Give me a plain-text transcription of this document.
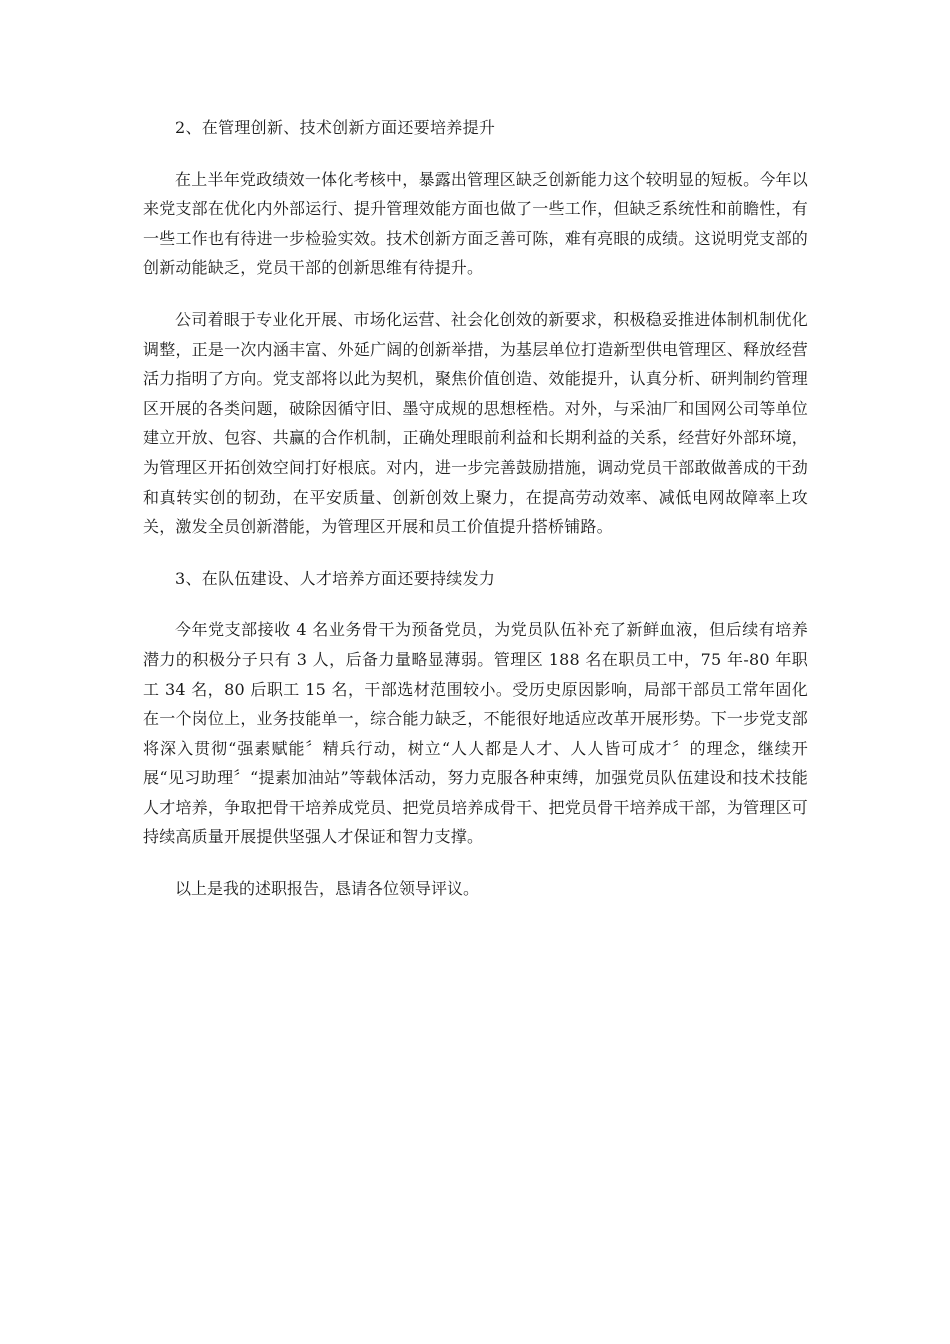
2、在管理创新、技术创新方面还要培养提升

在上半年党政绩效一体化考核中，暴露出管理区缺乏创新能力这个较明显的短板。今年以来党支部在优化内外部运行、提升管理效能方面也做了一些工作，但缺乏系统性和前瞻性，有一些工作也有待进一步检验实效。技术创新方面乏善可陈，难有亮眼的成绩。这说明党支部的创新动能缺乏，党员干部的创新思维有待提升。

公司着眼于专业化开展、市场化运营、社会化创效的新要求，积极稳妥推进体制机制优化调整，正是一次内涵丰富、外延广阔的创新举措，为基层单位打造新型供电管理区、释放经营活力指明了方向。党支部将以此为契机，聚焦价值创造、效能提升，认真分析、研判制约管理区开展的各类问题，破除因循守旧、墨守成规的思想桎梏。对外，与采油厂和国网公司等单位建立开放、包容、共赢的合作机制，正确处理眼前利益和长期利益的关系，经营好外部环境，为管理区开拓创效空间打好根底。对内，进一步完善鼓励措施，调动党员干部敢做善成的干劲和真转实创的韧劲，在平安质量、创新创效上聚力，在提高劳动效率、减低电网故障率上攻关，激发全员创新潜能，为管理区开展和员工价值提升搭桥铺路。

3、在队伍建设、人才培养方面还要持续发力

今年党支部接收 4 名业务骨干为预备党员，为党员队伍补充了新鲜血液，但后续有培养潜力的积极分子只有 3 人，后备力量略显薄弱。管理区 188 名在职员工中，75 年-80 年职工 34 名，80 后职工 15 名，干部选材范围较小。受历史原因影响，局部干部员工常年固化在一个岗位上，业务技能单一，综合能力缺乏，不能很好地适应改革开展形势。下一步党支部将深入贯彻“强素赋能〞精兵行动，树立“人人都是人才、人人皆可成才〞的理念，继续开展“见习助理〞“提素加油站”等载体活动，努力克服各种束缚，加强党员队伍建设和技术技能人才培养，争取把骨干培养成党员、把党员培养成骨干、把党员骨干培养成干部，为管理区可持续高质量开展提供坚强人才保证和智力支撑。

以上是我的述职报告，恳请各位领导评议。
